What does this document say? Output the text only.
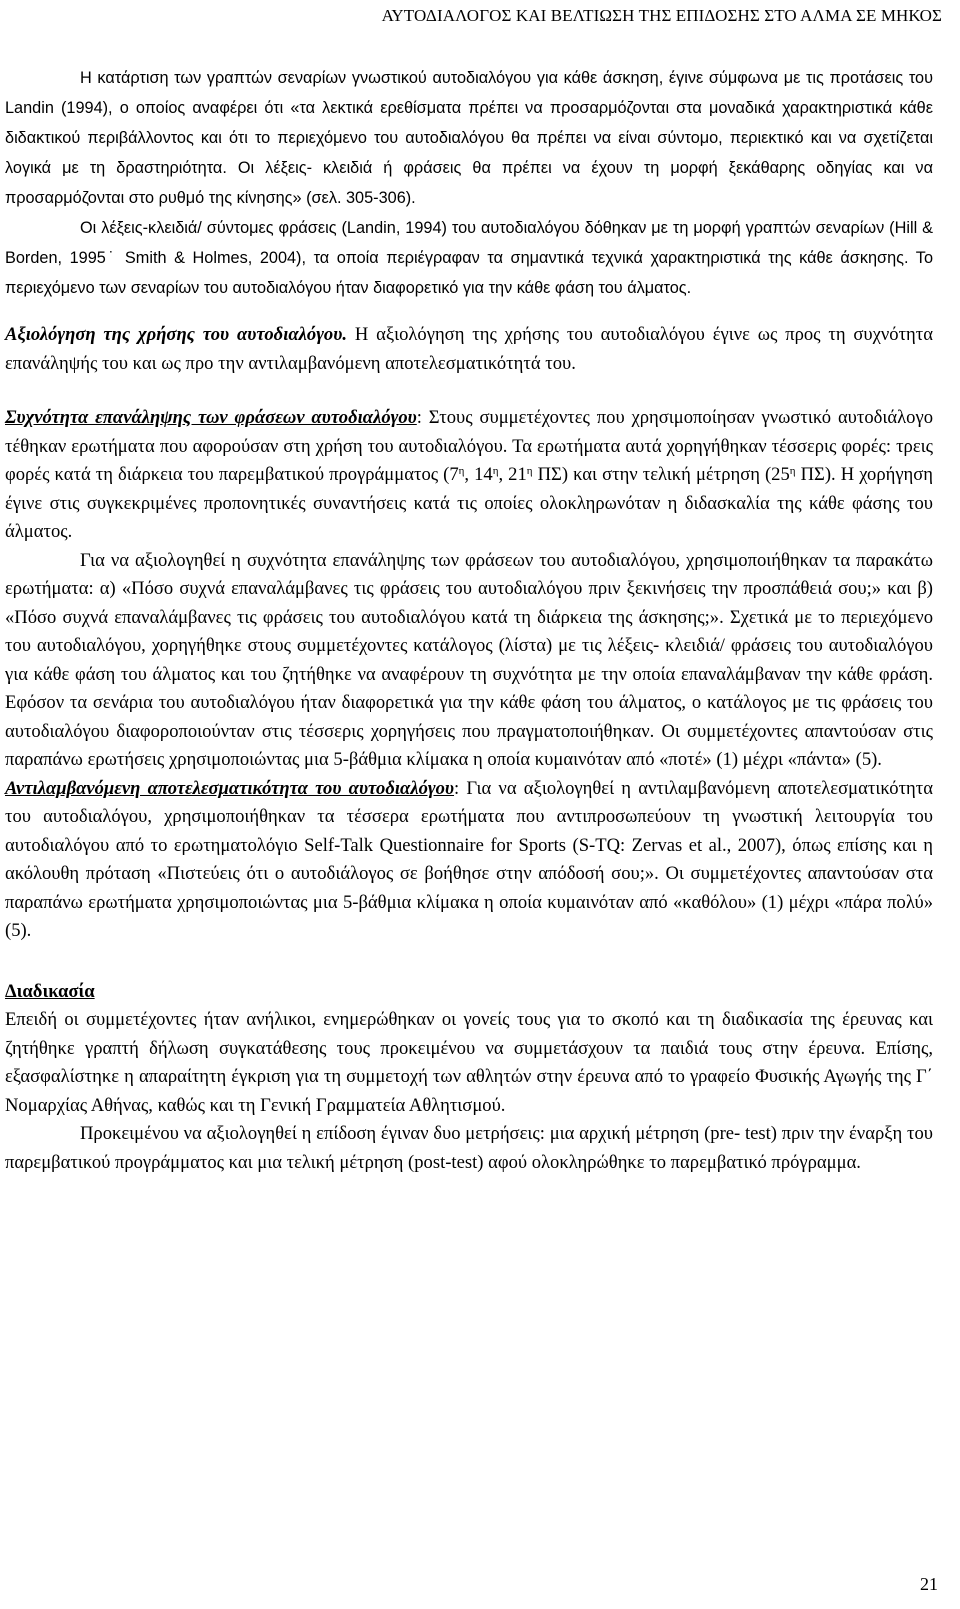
ΑΥΤΟΔΙΑΛΟΓΟΣ ΚΑΙ ΒΕΛΤΙΩΣΗ ΤΗΣ ΕΠΙΔΟΣΗΣ ΣΤΟ ΑΛΜΑ ΣΕ ΜΗΚΟΣ

Η κατάρτιση των γραπτών σεναρίων γνωστικού αυτοδιαλόγου για κάθε άσκηση, έγινε σύμφωνα με τις προτάσεις του Landin (1994), ο οποίος αναφέρει ότι «τα λεκτικά ερεθίσματα πρέπει να προσαρμόζονται στα μοναδικά χαρακτηριστικά κάθε διδακτικού περιβάλλοντος και ότι το περιεχόμενο του αυτοδιαλόγου θα πρέπει να είναι σύντομο, περιεκτικό και να σχετίζεται λογικά με τη δραστηριότητα. Οι λέξεις- κλειδιά ή φράσεις θα πρέπει να έχουν τη μορφή ξεκάθαρης οδηγίας και να προσαρμόζονται στο ρυθμό της κίνησης» (σελ. 305-306).

Οι λέξεις-κλειδιά/ σύντομες φράσεις (Landin, 1994) του αυτοδιαλόγου δόθηκαν με τη μορφή γραπτών σεναρίων (Hill & Borden, 1995˙ Smith & Holmes, 2004), τα οποία περιέγραφαν τα σημαντικά τεχνικά χαρακτηριστικά της κάθε άσκησης. Το περιεχόμενο των σεναρίων του αυτοδιαλόγου ήταν διαφορετικό για την κάθε φάση του άλματος.

Αξιολόγηση της χρήσης του αυτοδιαλόγου. Η αξιολόγηση της χρήσης του αυτοδιαλόγου έγινε ως προς τη συχνότητα επανάληψής του και ως προ την αντιλαμβανόμενη αποτελεσματικότητά του.

Συχνότητα επανάληψης των φράσεων αυτοδιαλόγου: Στους συμμετέχοντες που χρησιμοποίησαν γνωστικό αυτοδιάλογο τέθηκαν ερωτήματα που αφορούσαν στη χρήση του αυτοδιαλόγου. Τα ερωτήματα αυτά χορηγήθηκαν τέσσερις φορές: τρεις φορές κατά τη διάρκεια του παρεμβατικού προγράμματος ($7^\eta$, $14^\eta$, $21^\eta$ ΠΣ) και στην τελική μέτρηση ($25^\eta$ ΠΣ). Η χορήγηση έγινε στις συγκεκριμένες προπονητικές συναντήσεις κατά τις οποίες ολοκληρωνόταν η διδασκαλία της κάθε φάσης του άλματος.

Για να αξιολογηθεί η συχνότητα επανάληψης των φράσεων του αυτοδιαλόγου, χρησιμοποιήθηκαν τα παρακάτω ερωτήματα: α) «Πόσο συχνά επαναλάμβανες τις φράσεις του αυτοδιαλόγου πριν ξεκινήσεις την προσπάθειά σου;» και β) «Πόσο συχνά επαναλάμβανες τις φράσεις του αυτοδιαλόγου κατά τη διάρκεια της άσκησης;». Σχετικά με το περιεχόμενο του αυτοδιαλόγου, χορηγήθηκε στους συμμετέχοντες κατάλογος (λίστα) με τις λέξεις- κλειδιά/ φράσεις του αυτοδιαλόγου για κάθε φάση του άλματος και του ζητήθηκε να αναφέρουν τη συχνότητα με την οποία επαναλάμβαναν την κάθε φράση. Εφόσον τα σενάρια του αυτοδιαλόγου ήταν διαφορετικά για την κάθε φάση του άλματος, ο κατάλογος με τις φράσεις του αυτοδιαλόγου διαφοροποιούνταν στις τέσσερις χορηγήσεις που πραγματοποιήθηκαν. Οι συμμετέχοντες απαντούσαν στις παραπάνω ερωτήσεις χρησιμοποιώντας μια 5-βάθμια κλίμακα η οποία κυμαινόταν από «ποτέ» (1) μέχρι «πάντα» (5).

Αντιλαμβανόμενη αποτελεσματικότητα του αυτοδιαλόγου: Για να αξιολογηθεί η αντιλαμβανόμενη αποτελεσματικότητα του αυτοδιαλόγου, χρησιμοποιήθηκαν τα τέσσερα ερωτήματα που αντιπροσωπεύουν τη γνωστική λειτουργία του αυτοδιαλόγου από το ερωτηματολόγιο Self-Talk Questionnaire for Sports (S-TQ: Zervas et al., 2007), όπως επίσης και η ακόλουθη πρόταση «Πιστεύεις ότι ο αυτοδιάλογος σε βοήθησε στην απόδοσή σου;». Οι συμμετέχοντες απαντούσαν στα παραπάνω ερωτήματα χρησιμοποιώντας μια 5-βάθμια κλίμακα η οποία κυμαινόταν από «καθόλου» (1) μέχρι «πάρα πολύ» (5).

Διαδικασία

Επειδή οι συμμετέχοντες ήταν ανήλικοι, ενημερώθηκαν οι γονείς τους για το σκοπό και τη διαδικασία της έρευνας και ζητήθηκε γραπτή δήλωση συγκατάθεσης τους προκειμένου να συμμετάσχουν τα παιδιά τους στην έρευνα. Επίσης, εξασφαλίστηκε η απαραίτητη έγκριση για τη συμμετοχή των αθλητών στην έρευνα από το γραφείο Φυσικής Αγωγής της Γ΄ Νομαρχίας Αθήνας, καθώς και τη Γενική Γραμματεία Αθλητισμού.

Προκειμένου να αξιολογηθεί η επίδοση έγιναν δυο μετρήσεις: μια αρχική μέτρηση (pre- test) πριν την έναρξη του παρεμβατικού προγράμματος και μια τελική μέτρηση (post-test) αφού ολοκληρώθηκε το παρεμβατικό πρόγραμμα.

21
